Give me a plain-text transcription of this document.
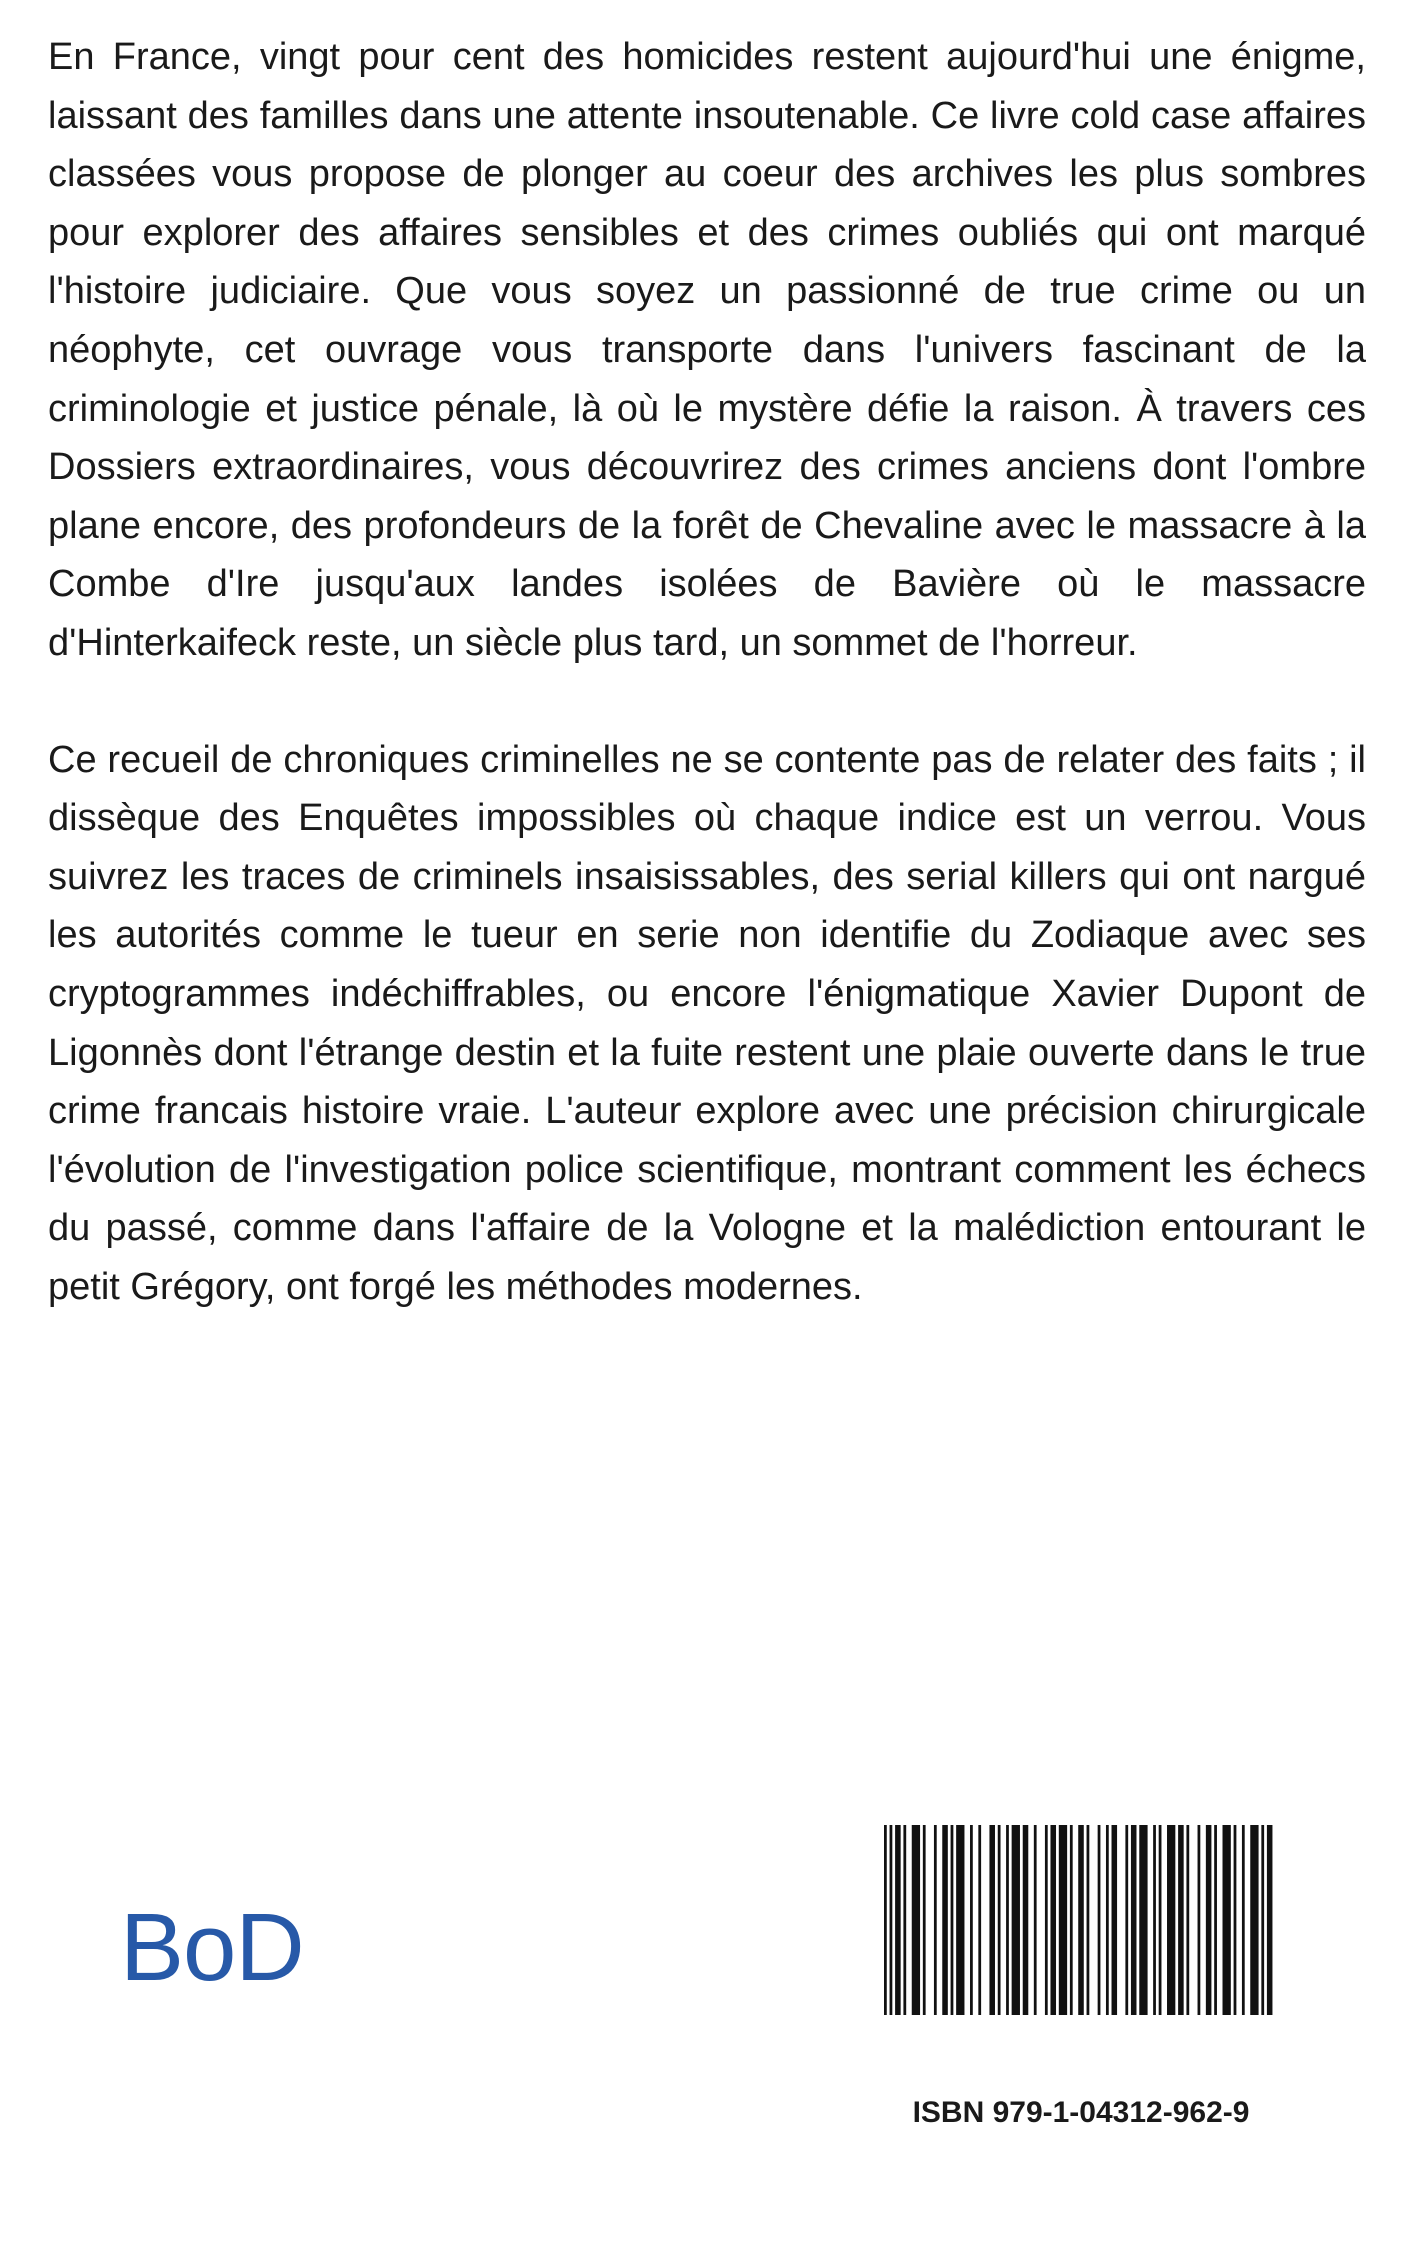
En France, vingt pour cent des homicides restent aujourd'hui une énigme, laissant des familles dans une attente insoutenable. Ce livre cold case affaires classées vous propose de plonger au coeur des archives les plus sombres pour explorer des affaires sensibles et des crimes oubliés qui ont marqué l'histoire judiciaire. Que vous soyez un passionné de true crime ou un néophyte, cet ouvrage vous transporte dans l'univers fascinant de la criminologie et justice pénale, là où le mystère défie la raison. À travers ces Dossiers extraordinaires, vous découvrirez des crimes anciens dont l'ombre plane encore, des profondeurs de la forêt de Chevaline avec le massacre à la Combe d'Ire jusqu'aux landes isolées de Bavière où le massacre d'Hinterkaifeck reste, un siècle plus tard, un sommet de l'horreur.

Ce recueil de chroniques criminelles ne se contente pas de relater des faits ; il dissèque des Enquêtes impossibles où chaque indice est un verrou. Vous suivrez les traces de criminels insaisissables, des serial killers qui ont nargué les autorités comme le tueur en serie non identifie du Zodiaque avec ses cryptogrammes indéchiffrables, ou encore l'énigmatique Xavier Dupont de Ligonnès dont l'étrange destin et la fuite restent une plaie ouverte dans le true crime francais histoire vraie. L'auteur explore avec une précision chirurgicale l'évolution de l'investigation police scientifique, montrant comment les échecs du passé, comme dans l'affaire de la Vologne et la malédiction entourant le petit Grégory, ont forgé les méthodes modernes.

BoD
ISBN 979-1-04312-962-9
